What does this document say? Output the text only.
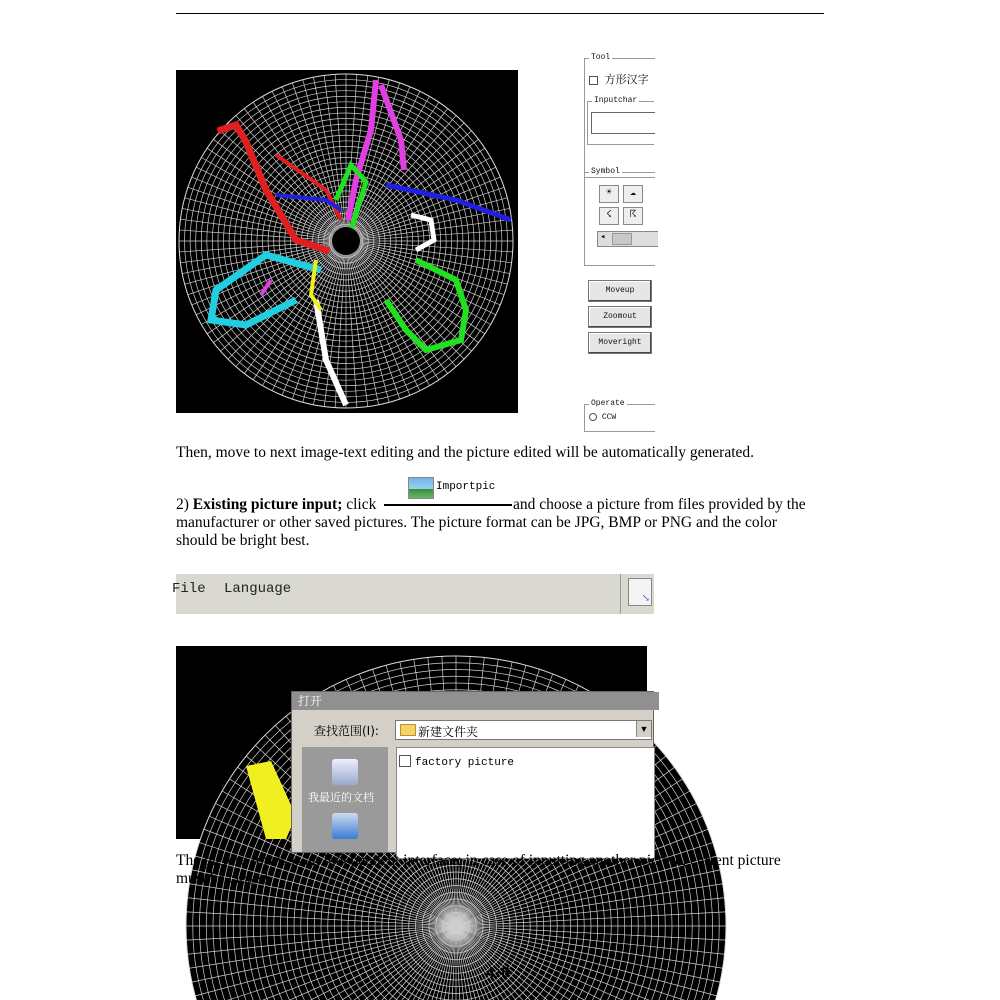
Tool
方形汉字
Inputchar
Symbol
☀	☁
☇	☈
◂
Moveup
Zoomout
Moveright
Operate
CCW
Then, move to next image-text editing and the picture edited will be automatically generated.
Importpic
2) Existing picture input; click	and choose a picture from files provided by the
manufacturer or other saved pictures. The picture format can be JPG, BMP or PNG and the color
should be bright best.
File Language
↘
打开
查找范围(I):	新建文件夹	▼
我最近的文档
factory picture
The picture forms is an independent interface; in case of inputting another picture, current picture
must be closed.
4 / 8
